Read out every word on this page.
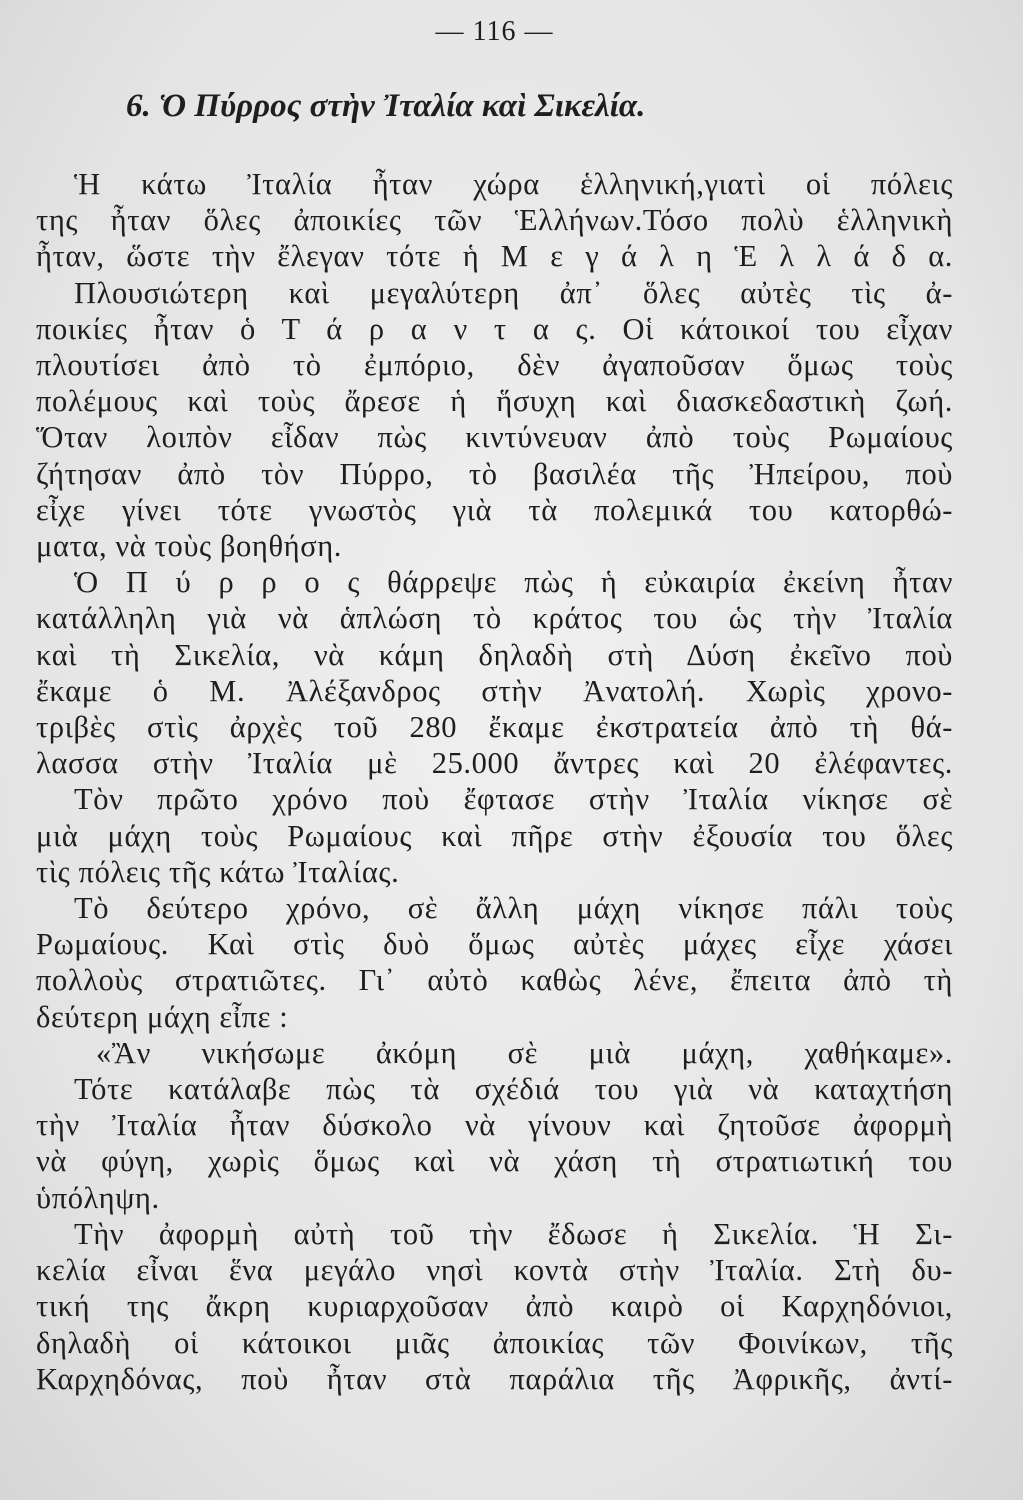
— 116 —
6. Ὁ Πύρρος στὴν Ἰταλία καὶ Σικελία.
Ἡ κάτω Ἰταλία ἦταν χώρα ἑλληνική,γιατὶ οἱ πόλεις
της ἦταν ὅλες ἀποικίες τῶν Ἑλλήνων.Τόσο πολὺ ἑλληνικὴ
ἦταν, ὥστε τὴν ἔλεγαν τότε ἡ Μ ε γ ά λ η Ἑ λ λ ά δ α.
Πλουσιώτερη καὶ μεγαλύτερη ἀπ᾽ ὅλες αὐτὲς τὶς ἀ-
ποικίες ἦταν ὁ Τ ά ρ α ν τ α ς. Οἱ κάτοικοί του εἶχαν
πλουτίσει ἀπὸ τὸ ἐμπόριο, δὲν ἀγαποῦσαν ὅμως τοὺς
πολέμους καὶ τοὺς ἄρεσε ἡ ἥσυχη καὶ διασκεδαστικὴ ζωή.
Ὅταν λοιπὸν εἶδαν πὼς κιντύνευαν ἀπὸ τοὺς Ρωμαίους
ζήτησαν ἀπὸ τὸν Πύρρο, τὸ βασιλέα τῆς Ἠπείρου, ποὺ
εἶχε γίνει τότε γνωστὸς γιὰ τὰ πολεμικά του κατορθώ-
ματα, νὰ τοὺς βοηθήση.
Ὁ Π ύ ρ ρ ο ς θάρρεψε πὼς ἡ εὐκαιρία ἐκείνη ἦταν
κατάλληλη γιὰ νὰ ἁπλώση τὸ κράτος του ὡς τὴν Ἰταλία
καὶ τὴ Σικελία, νὰ κάμη δηλαδὴ στὴ Δύση ἐκεῖνο ποὺ
ἔκαμε ὁ Μ. Ἀλέξανδρος στὴν Ἀνατολή. Χωρὶς χρονο-
τριβὲς στὶς ἀρχὲς τοῦ 280 ἔκαμε ἐκστρατεία ἀπὸ τὴ θά-
λασσα στὴν Ἰταλία μὲ 25.000 ἄντρες καὶ 20 ἐλέφαντες.
Τὸν πρῶτο χρόνο ποὺ ἔφτασε στὴν Ἰταλία νίκησε σὲ
μιὰ μάχη τοὺς Ρωμαίους καὶ πῆρε στὴν ἐξουσία του ὅλες
τὶς πόλεις τῆς κάτω Ἰταλίας.
Τὸ δεύτερο χρόνο, σὲ ἄλλη μάχη νίκησε πάλι τοὺς
Ρωμαίους. Καὶ στὶς δυὸ ὅμως αὐτὲς μάχες εἶχε χάσει
πολλοὺς στρατιῶτες. Γι᾽ αὐτὸ καθὼς λένε, ἔπειτα ἀπὸ τὴ
δεύτερη μάχη εἶπε :
«Ἂν νικήσωμε ἀκόμη σὲ μιὰ μάχη, χαθήκαμε».
Τότε κατάλαβε πὼς τὰ σχέδιά του γιὰ νὰ καταχτήση
τὴν Ἰταλία ἦταν δύσκολο νὰ γίνουν καὶ ζητοῦσε ἀφορμὴ
νὰ φύγη, χωρὶς ὅμως καὶ νὰ χάση τὴ στρατιωτική του
ὑπόληψη.
Τὴν ἀφορμὴ αὐτὴ τοῦ τὴν ἔδωσε ἡ Σικελία. Ἡ Σι-
κελία εἶναι ἕνα μεγάλο νησὶ κοντὰ στὴν Ἰταλία. Στὴ δυ-
τική της ἄκρη κυριαρχοῦσαν ἀπὸ καιρὸ οἱ Καρχηδόνιοι,
δηλαδὴ οἱ κάτοικοι μιᾶς ἀποικίας τῶν Φοινίκων, τῆς
Καρχηδόνας, ποὺ ἦταν στὰ παράλια τῆς Ἀφρικῆς, ἀντί-
